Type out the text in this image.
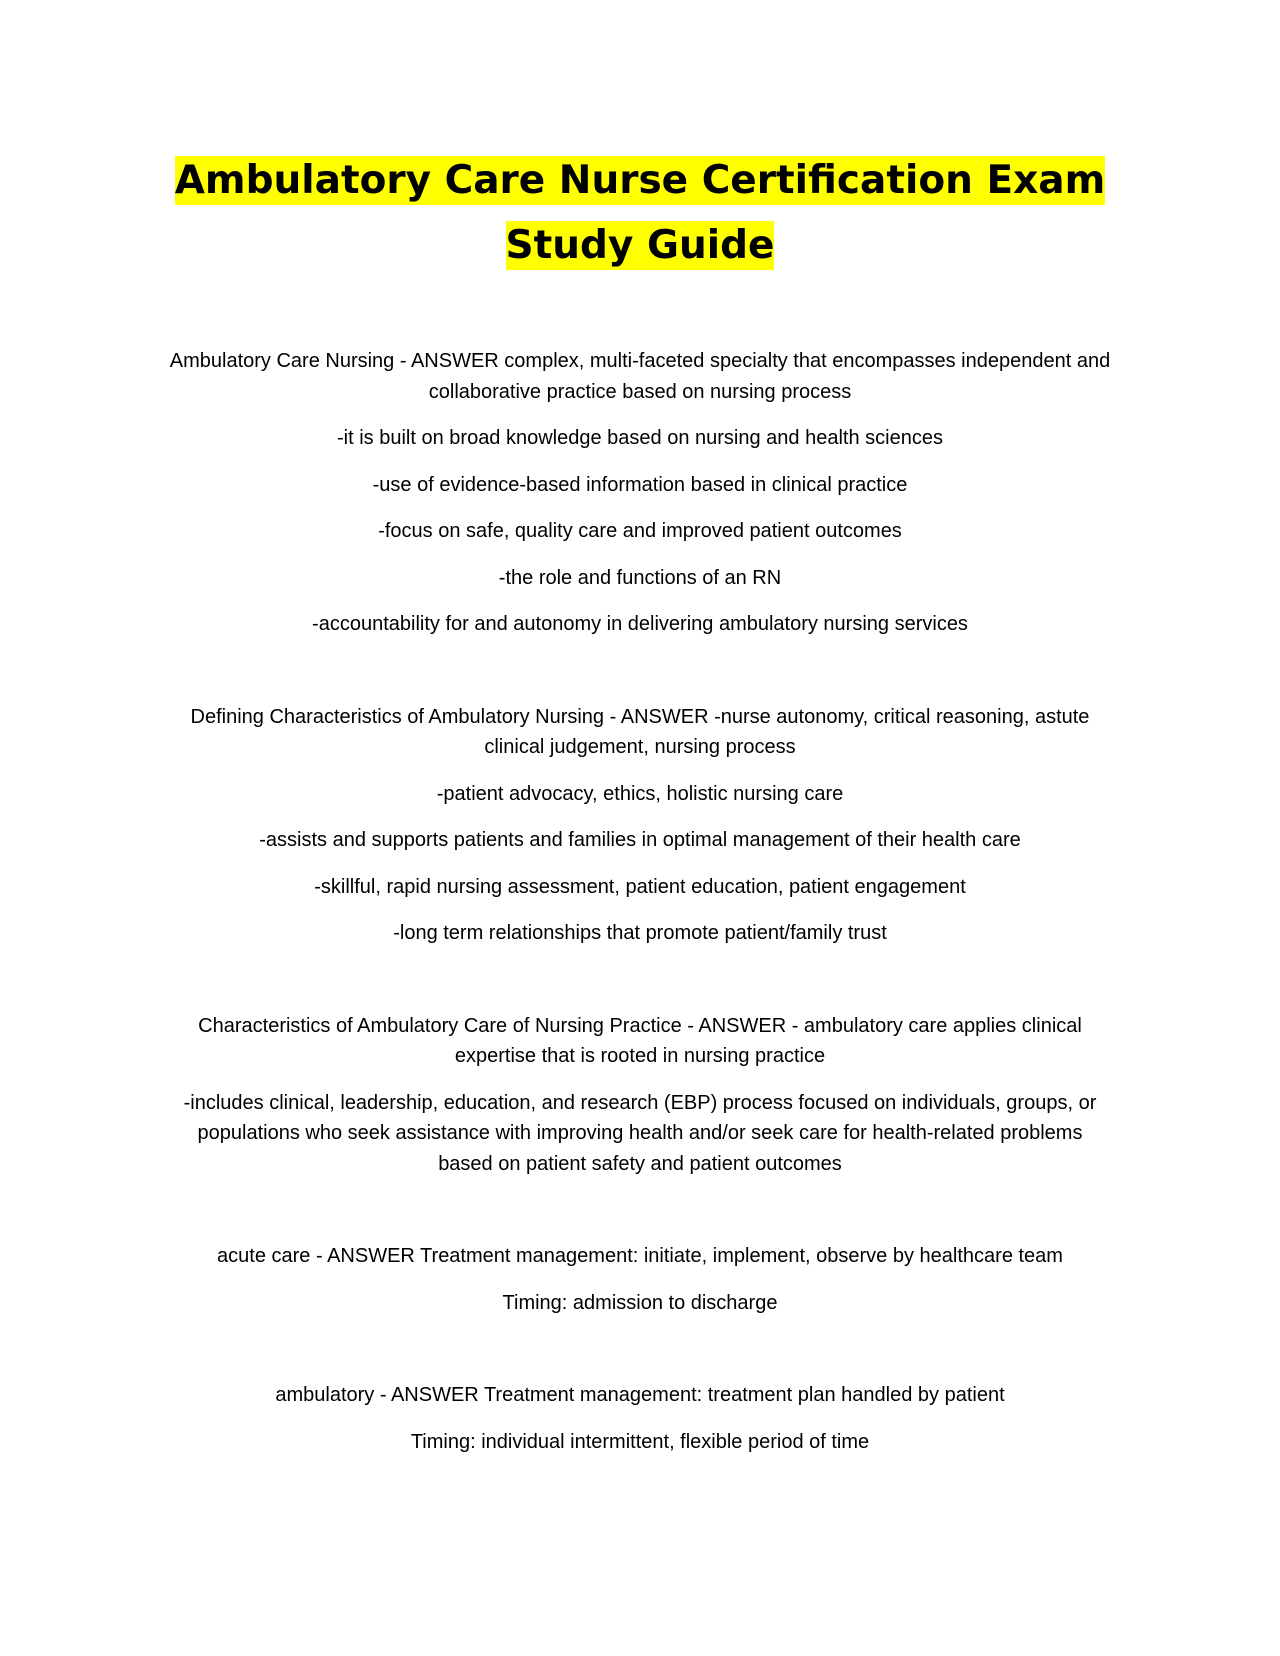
Ambulatory Care Nurse Certification Exam
Study Guide

Ambulatory Care Nursing - ANSWER complex, multi-faceted specialty that encompasses independent and collaborative practice based on nursing process

-it is built on broad knowledge based on nursing and health sciences

-use of evidence-based information based in clinical practice

-focus on safe, quality care and improved patient outcomes

-the role and functions of an RN

-accountability for and autonomy in delivering ambulatory nursing services

Defining Characteristics of Ambulatory Nursing - ANSWER -nurse autonomy, critical reasoning, astute clinical judgement, nursing process

-patient advocacy, ethics, holistic nursing care

-assists and supports patients and families in optimal management of their health care

-skillful, rapid nursing assessment, patient education, patient engagement

-long term relationships that promote patient/family trust

Characteristics of Ambulatory Care of Nursing Practice - ANSWER - ambulatory care applies clinical expertise that is rooted in nursing practice

-includes clinical, leadership, education, and research (EBP) process focused on individuals, groups, or populations who seek assistance with improving health and/or seek care for health-related problems based on patient safety and patient outcomes

acute care - ANSWER Treatment management: initiate, implement, observe by healthcare team

Timing: admission to discharge

ambulatory - ANSWER Treatment management: treatment plan handled by patient

Timing: individual intermittent, flexible period of time
